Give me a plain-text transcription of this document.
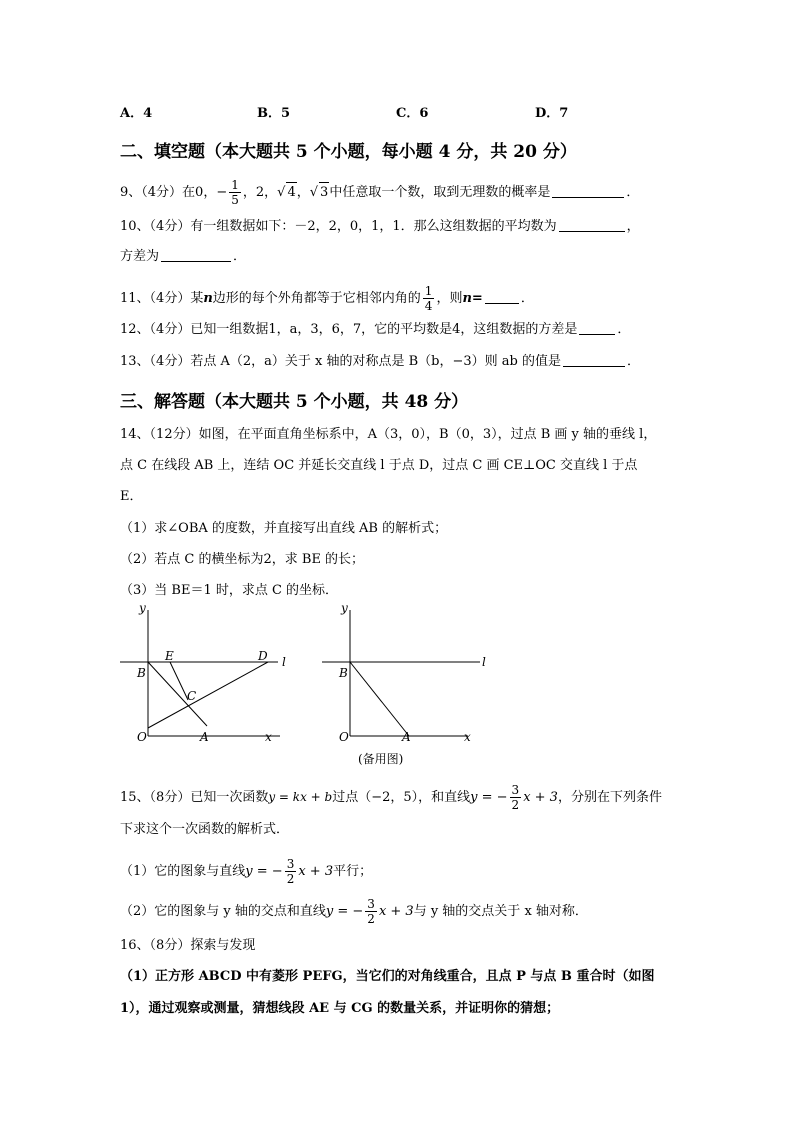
A．4	B．5	C．6	D．7
二、填空题（本大题共 5 个小题，每小题 4 分，共 20 分）
9、（4分）在0，− $\frac{1}{5}$ ，2，√ 4，√ 3中任意取一个数，取到无理数的概率是	．
10、（4分）有一组数据如下：－2，2，0，1，1．那么这组数据的平均数为	，
方差为	．
11、（4分）某n边形的每个外角都等于它相邻内角的 $\frac{1}{4}$ ，则n=	．
12、（4分）已知一组数据1，a，3，6，7，它的平均数是4，这组数据的方差是	．
13、（4分）若点 A（2，a）关于 x 轴的对称点是 B（b，−3）则 ab 的值是	．
三、解答题（本大题共 5 个小题，共 48 分）
14、（12分）如图，在平面直角坐标系中，A（3，0），B（0，3），过点 B 画 y 轴的垂线 l，
点 C 在线段 AB 上，连结 OC 并延长交直线 l 于点 D，过点 C 画 CE⊥OC 交直线 l 于点
E．
（1）求∠OBA 的度数，并直接写出直线 AB 的解析式；
（2）若点 C 的横坐标为2，求 BE 的长；
（3）当 BE＝1 时，求点 C 的坐标．
y
x
O	A
B
C
D
E	l
y
x
O	A
B
l
(备用图)
15、（8分）已知一次函数y = kx + b过点（−2，5），和直线y = − $\frac{3}{2}$ x + 3，分别在下列条件
下求这个一次函数的解析式．
（1）它的图象与直线y = − $\frac{3}{2}$ x + 3平行；
（2）它的图象与 y 轴的交点和直线y = − $\frac{3}{2}$ x + 3与 y 轴的交点关于 x 轴对称．
16、（8分）探索与发现
（1）正方形 ABCD 中有菱形 PEFG，当它们的对角线重合，且点 P 与点 B 重合时（如图
1），通过观察或测量，猜想线段 AE 与 CG 的数量关系，并证明你的猜想；
